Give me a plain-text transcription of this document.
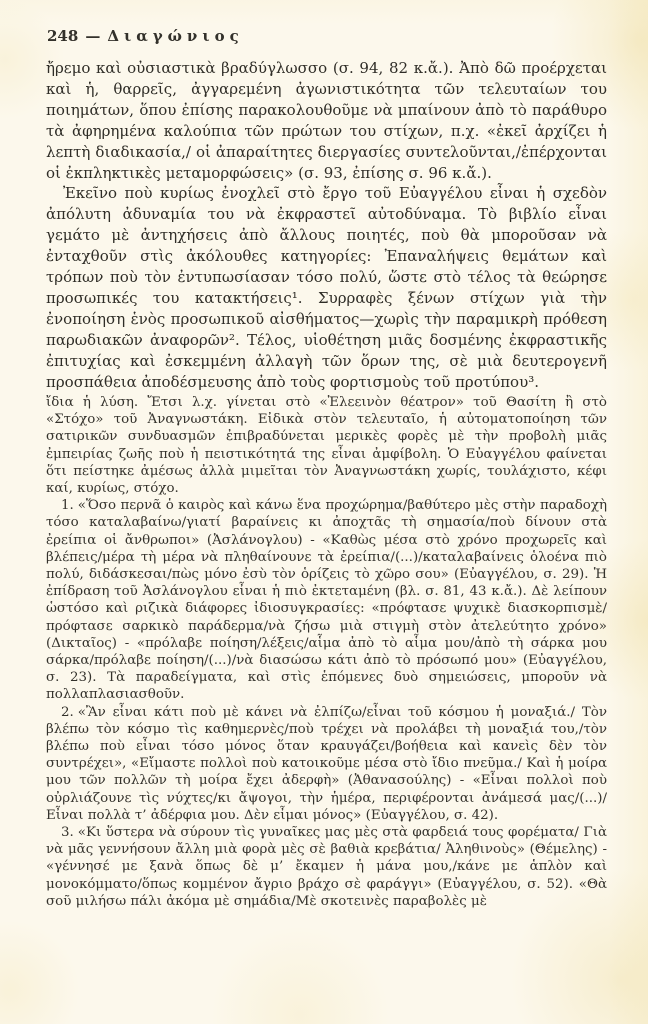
248 — Διαγώνιος

ἤρεμο καὶ οὐσιαστικὰ βραδύγλωσσο (σ. 94, 82 κ.ἄ.). Ἀπὸ δῶ προέρχεται καὶ ἡ, θαρρεῖς, ἀγγαρεμένη ἀγωνιστικότητα τῶν τελευταίων του ποιημάτων, ὅπου ἐπίσης παρακολουθοῦμε νὰ μπαίνουν ἀπὸ τὸ παράθυρο τὰ ἀφηρημένα καλούπια τῶν πρώτων του στίχων, π.χ. «ἐκεῖ ἀρχίζει ἡ λεπτὴ διαδικασία,/ οἱ ἀπαραίτητες διεργασίες συντελοῦνται,/ἐπέρχονται οἱ ἐκπληκτικὲς μεταμορφώσεις» (σ. 93, ἐπίσης σ. 96 κ.ἄ.).

Ἐκεῖνο ποὺ κυρίως ἐνοχλεῖ στὸ ἔργο τοῦ Εὐαγγέλου εἶναι ἡ σχεδὸν ἀπόλυτη ἀδυναμία του νὰ ἐκφραστεῖ αὐτοδύναμα. Τὸ βιβλίο εἶναι γεμάτο μὲ ἀντηχήσεις ἀπὸ ἄλλους ποιητές, ποὺ θὰ μποροῦσαν νὰ ἐνταχθοῦν στὶς ἀκόλουθες κατηγορίες: Ἐπαναλήψεις θεμάτων καὶ τρόπων ποὺ τὸν ἐντυπωσίασαν τόσο πολύ, ὥστε στὸ τέλος τὰ θεώρησε προσωπικές του κατακτήσεις¹. Συρραφὲς ξένων στίχων γιὰ τὴν ἐνοποίηση ἑνὸς προσωπικοῦ αἰσθήματος—χωρὶς τὴν παραμικρὴ πρόθεση παρωδιακῶν ἀναφορῶν². Τέλος, υἱοθέτηση μιᾶς δοσμένης ἐκφραστικῆς ἐπιτυχίας καὶ ἐσκεμμένη ἀλλαγὴ τῶν ὅρων της, σὲ μιὰ δευτερογενῆ προσπάθεια ἀποδέσμευσης ἀπὸ τοὺς φορτισμοὺς τοῦ προτύπου³.

ἴδια ἡ λύση. Ἔτσι λ.χ. γίνεται στὸ «Ἐλεεινὸν θέατρον» τοῦ Θασίτη ἢ στὸ «Στόχο» τοῦ Ἀναγνωστάκη. Εἰδικὰ στὸν τελευταῖο, ἡ αὐτοματοποίηση τῶν σατιρικῶν συνδυασμῶν ἐπιβραδύνεται μερικὲς φορὲς μὲ τὴν προβολὴ μιᾶς ἐμπειρίας ζωῆς ποὺ ἡ πειστικότητά της εἶναι ἀμφίβολη. Ὁ Εὐαγγέλου φαίνεται ὅτι πείστηκε ἀμέσως ἀλλὰ μιμεῖται τὸν Ἀναγνωστάκη χωρίς, τουλάχιστο, κέφι καί, κυρίως, στόχο.

1. «Ὅσο περνᾶ ὁ καιρὸς καὶ κάνω ἕνα προχώρημα/βαθύτερο μὲς στὴν παραδοχὴ τόσο καταλαβαίνω/γιατί βαραίνεις κι ἀποχτᾶς τὴ σημασία/ποὺ δίνουν στὰ ἐρείπια οἱ ἄνθρωποι» (Ἀσλάνογλου) - «Καθὼς μέσα στὸ χρόνο προχωρεῖς καὶ βλέπεις/μέρα τὴ μέρα νὰ πληθαίνουνε τὰ ἐρείπια/(...)/καταλαβαίνεις ὁλοένα πιὸ πολύ, διδάσκεσαι/πὼς μόνο ἐσὺ τὸν ὁρίζεις τὸ χῶρο σου» (Εὐαγγέλου, σ. 29). Ἡ ἐπίδραση τοῦ Ἀσλάνογλου εἶναι ἡ πιὸ ἐκτεταμένη (βλ. σ. 81, 43 κ.ἄ.). Δὲ λείπουν ὡστόσο καὶ ριζικὰ διάφορες ἰδιοσυγκρασίες: «πρόφτασε ψυχικὲ διασκορπισμὲ/πρόφτασε σαρκικὸ παράδερμα/νὰ ζήσω μιὰ στιγμὴ στὸν ἀτελεύτητο χρόνο» (Δικταῖος) - «πρόλαβε ποίηση/λέξεις/αἷμα ἀπὸ τὸ αἷμα μου/ἀπὸ τὴ σάρκα μου σάρκα/πρόλαβε ποίηση/(...)/νὰ διασώσω κάτι ἀπὸ τὸ πρόσωπό μου» (Εὐαγγέλου, σ. 23). Τὰ παραδείγματα, καὶ στὶς ἑπόμενες δυὸ σημειώσεις, μποροῦν νὰ πολλαπλασιασθοῦν.

2. «Ἂν εἶναι κάτι ποὺ μὲ κάνει νὰ ἐλπίζω/εἶναι τοῦ κόσμου ἡ μοναξιά./ Τὸν βλέπω τὸν κόσμο τὶς καθημερνὲς/ποὺ τρέχει νὰ προλάβει τὴ μοναξιά του,/τὸν βλέπω ποὺ εἶναι τόσο μόνος ὅταν κραυγάζει/βοήθεια καὶ κανεὶς δὲν τὸν συντρέχει», «Εἴμαστε πολλοὶ ποὺ κατοικοῦμε μέσα στὸ ἴδιο πνεῦμα./ Καὶ ἡ μοίρα μου τῶν πολλῶν τὴ μοίρα ἔχει ἀδερφὴ» (Ἀθανασούλης) - «Εἶναι πολλοὶ ποὺ οὐρλιάζουνε τὶς νύχτες/κι ἄψογοι, τὴν ἡμέρα, περιφέρονται ἀνάμεσά μας/(...)/ Εἶναι πολλὰ τ’ ἀδέρφια μου. Δὲν εἶμαι μόνος» (Εὐαγγέλου, σ. 42).

3. «Κι ὕστερα νὰ σύρουν τὶς γυναῖκες μας μὲς στὰ φαρδειά τους φορέματα/ Γιὰ νὰ μᾶς γεννήσουν ἄλλη μιὰ φορὰ μὲς σὲ βαθιὰ κρεβάτια/ Ἀληθινοὺς» (Θέμελης) - «γέννησέ με ξανὰ ὅπως δὲ μ’ ἔκαμεν ἡ μάνα μου,/κάνε με ἁπλὸν καὶ μονοκόμματο/ὅπως κομμένον ἄγριο βράχο σὲ φαράγγι» (Εὐαγγέλου, σ. 52). «Θὰ σοῦ μιλήσω πάλι ἀκόμα μὲ σημάδια/Μὲ σκοτεινὲς παραβολὲς μὲ
